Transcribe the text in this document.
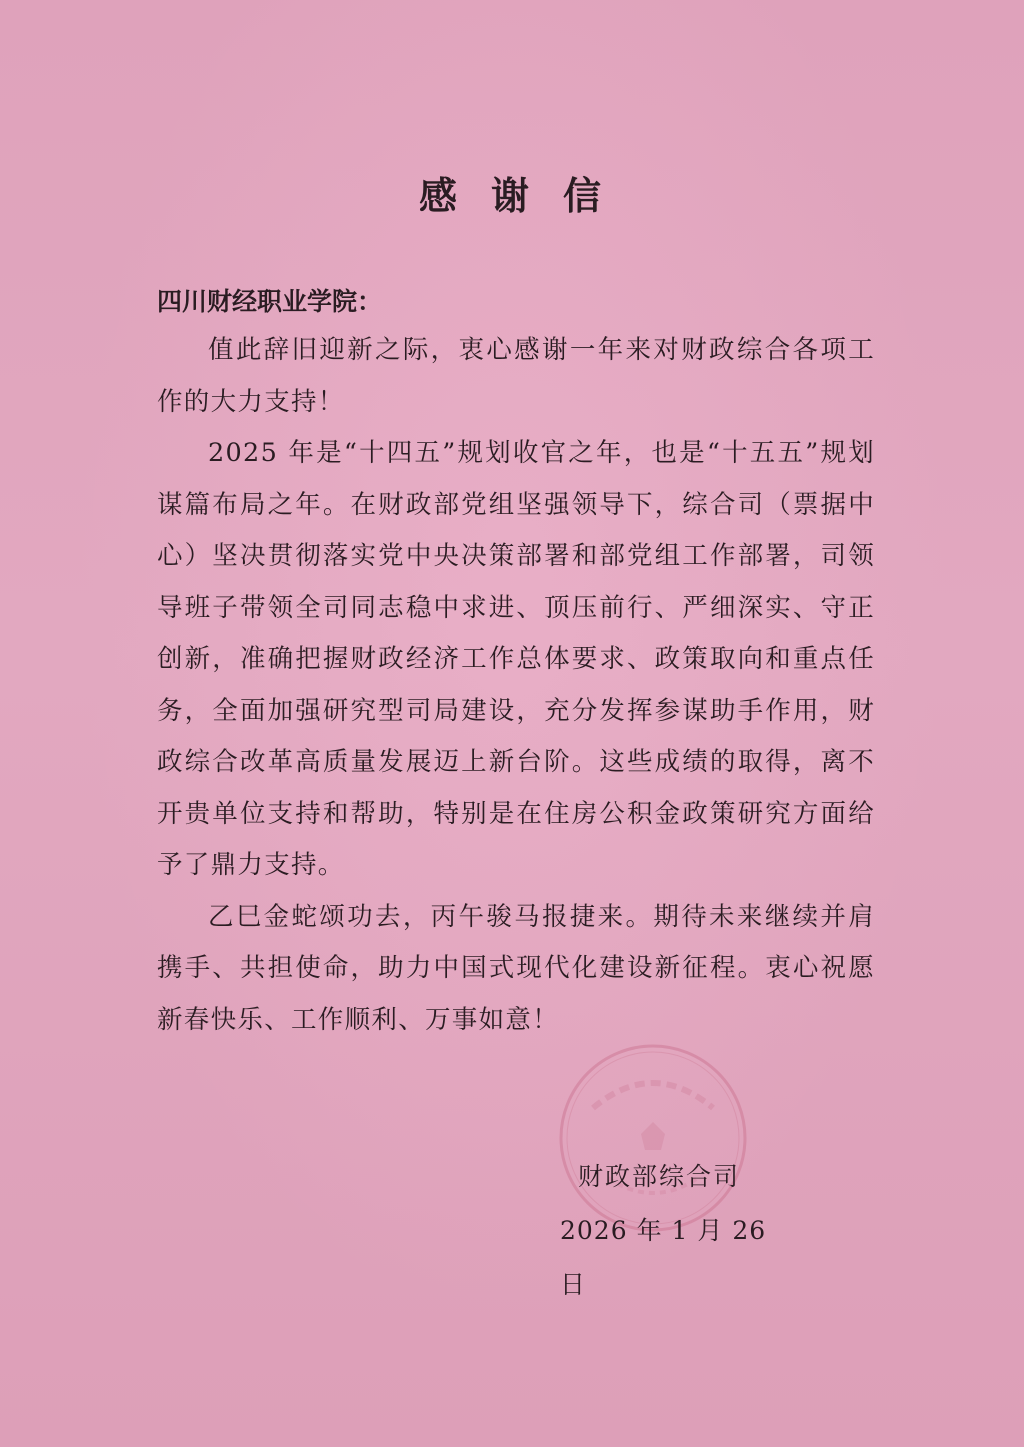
感谢信
四川财经职业学院：

值此辞旧迎新之际，衷心感谢一年来对财政综合各项工作的大力支持！

2025 年是“十四五”规划收官之年，也是“十五五”规划谋篇布局之年。在财政部党组坚强领导下，综合司（票据中心）坚决贯彻落实党中央决策部署和部党组工作部署，司领导班子带领全司同志稳中求进、顶压前行、严细深实、守正创新，准确把握财政经济工作总体要求、政策取向和重点任务，全面加强研究型司局建设，充分发挥参谋助手作用，财政综合改革高质量发展迈上新台阶。这些成绩的取得，离不开贵单位支持和帮助，特别是在住房公积金政策研究方面给予了鼎力支持。

乙巳金蛇颂功去，丙午骏马报捷来。期待未来继续并肩携手、共担使命，助力中国式现代化建设新征程。衷心祝愿新春快乐、工作顺利、万事如意！

财政部综合司
2026 年 1 月 26 日
